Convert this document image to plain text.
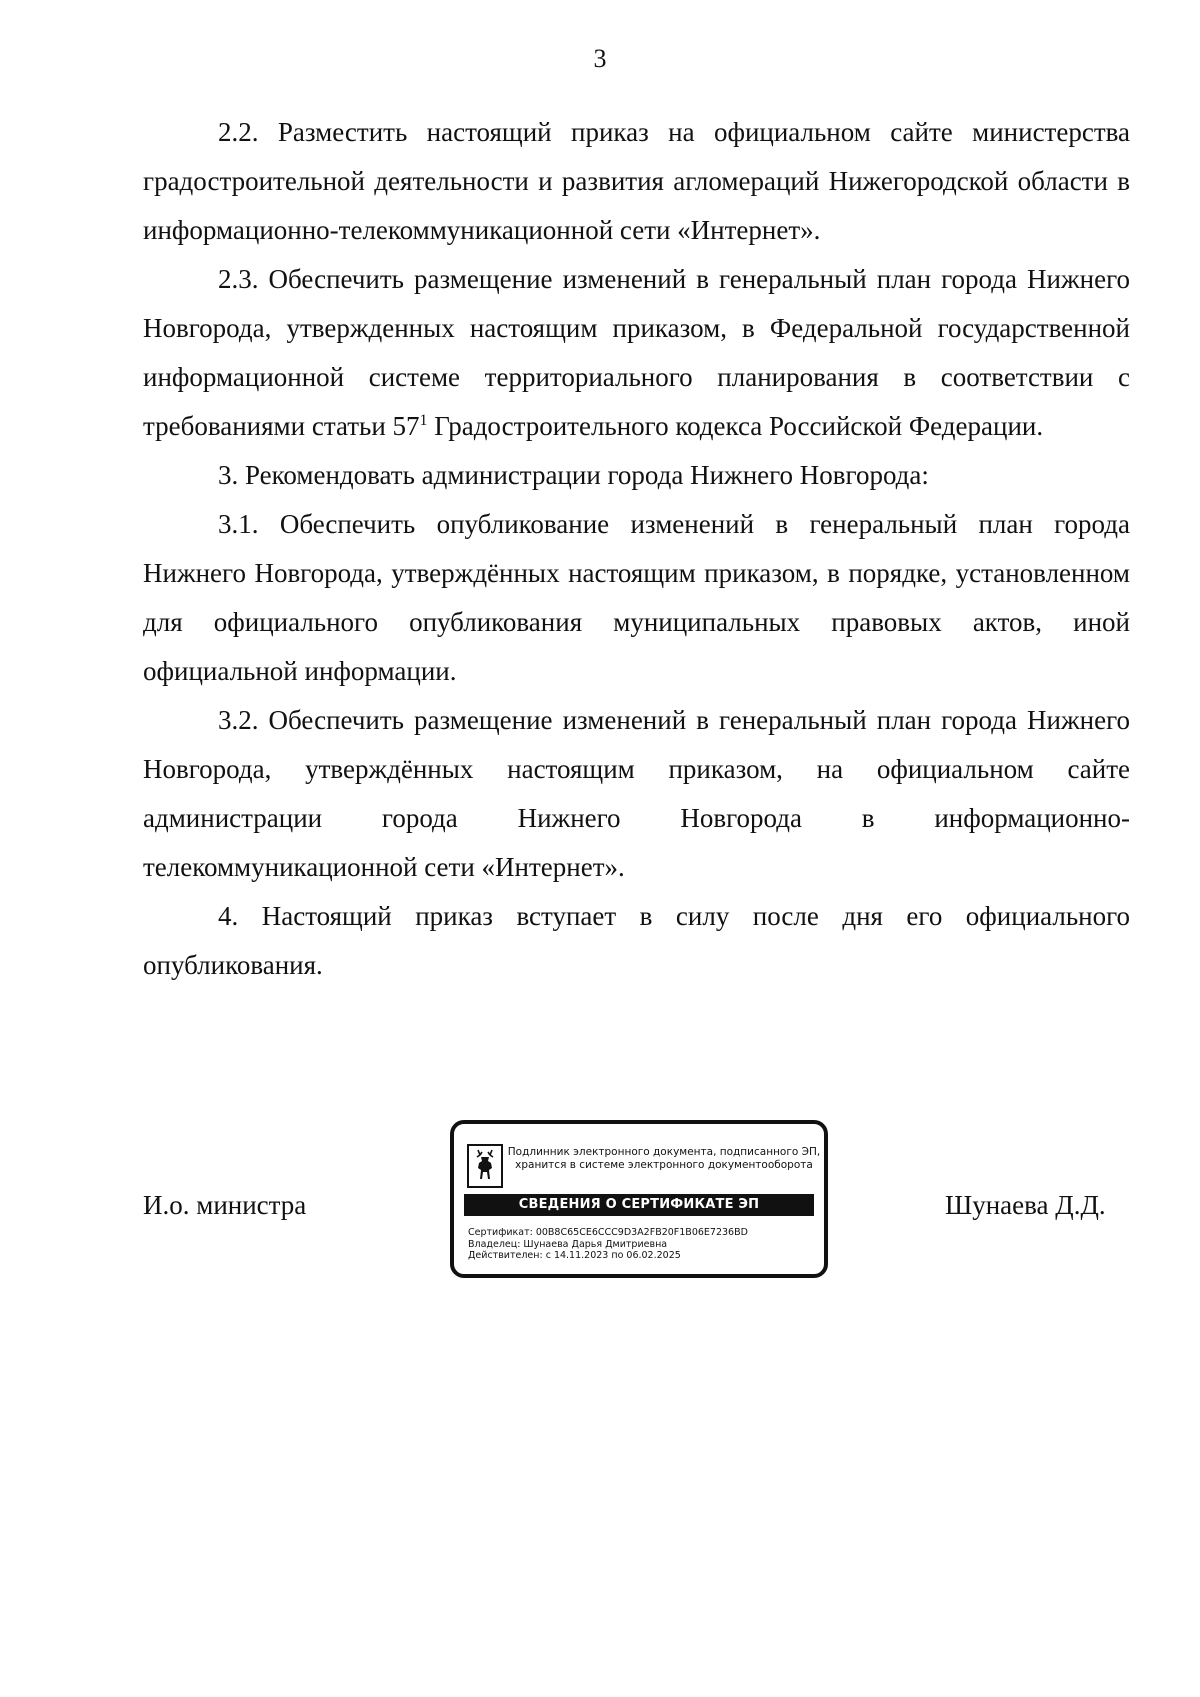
3

2.2. Разместить настоящий приказ на официальном сайте министерства градостроительной деятельности и развития агломераций Нижегородской области в информационно-телекоммуникационной сети «Интернет».

2.3. Обеспечить размещение изменений в генеральный план города Нижнего Новгорода, утвержденных настоящим приказом, в Федеральной государственной информационной системе территориального планирования в соответствии с требованиями статьи $57^1$ Градостроительного кодекса Российской Федерации.

3. Рекомендовать администрации города Нижнего Новгорода:

3.1. Обеспечить опубликование изменений в генеральный план города Нижнего Новгорода, утверждённых настоящим приказом, в порядке, установленном для официального опубликования муниципальных правовых актов, иной официальной информации.

3.2. Обеспечить размещение изменений в генеральный план города Нижнего Новгорода, утверждённых настоящим приказом, на официальном сайте администрации города Нижнего Новгорода в информационно-телекоммуникационной сети «Интернет».

4. Настоящий приказ вступает в силу после дня его официального опубликования.

И.о. министра
Подлинник электронного документа, подписанного ЭП,
хранится в системе электронного документооборота
СВЕДЕНИЯ О СЕРТИФИКАТЕ ЭП
Сертификат: 00B8C65CE6CCC9D3A2FB20F1B06E7236BD
Владелец: Шунаева Дарья Дмитриевна
Действителен: с 14.11.2023 по 06.02.2025
Шунаева Д.Д.
